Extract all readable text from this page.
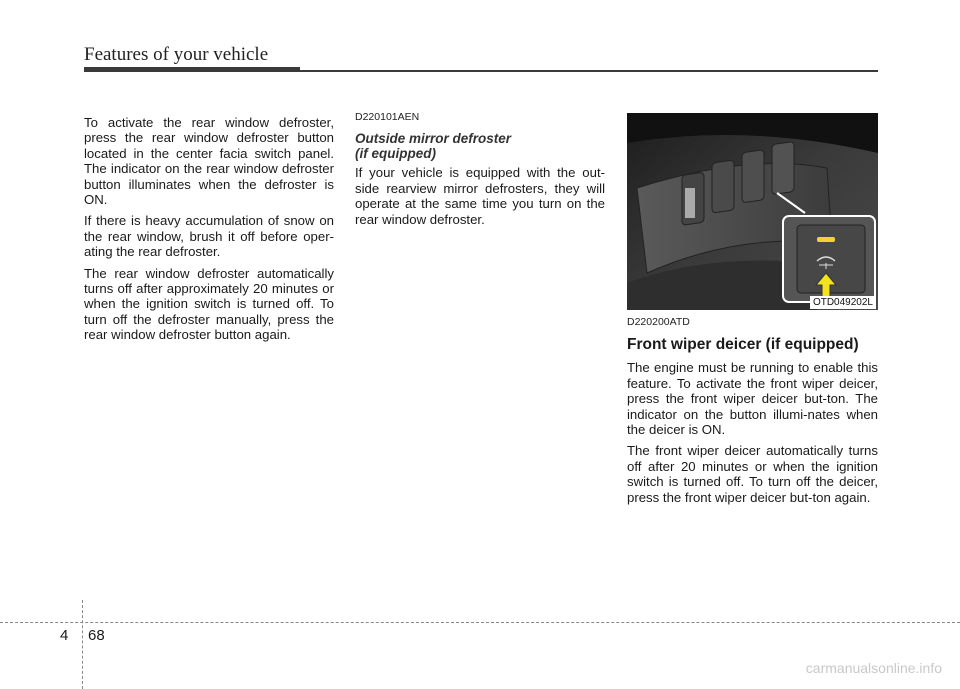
Features of your vehicle

To activate the rear window defroster, press the rear window defroster button located in the center facia switch panel. The indicator on the rear window defroster button illuminates when the defroster is ON.

If there is heavy accumulation of snow on the rear window, brush it off before oper-ating the rear defroster.

The rear window defroster automatically turns off after approximately 20 minutes or when the ignition switch is turned off. To turn off the defroster manually, press the rear window defroster button again.

D220101AEN
Outside mirror defroster
(if equipped)

If your vehicle is equipped with the out-side rearview mirror defrosters, they will operate at the same time you turn on the rear window defroster.

OTD049202L
D220200ATD
Front wiper deicer (if equipped)

The engine must be running to enable this feature. To activate the front wiper deicer, press the front wiper deicer but-ton. The indicator on the button illumi-nates when the deicer is ON.

The front wiper deicer automatically turns off after 20 minutes or when the ignition switch is turned off. To turn off the deicer, press the front wiper deicer but-ton again.

4 68
carmanualsonline.info
